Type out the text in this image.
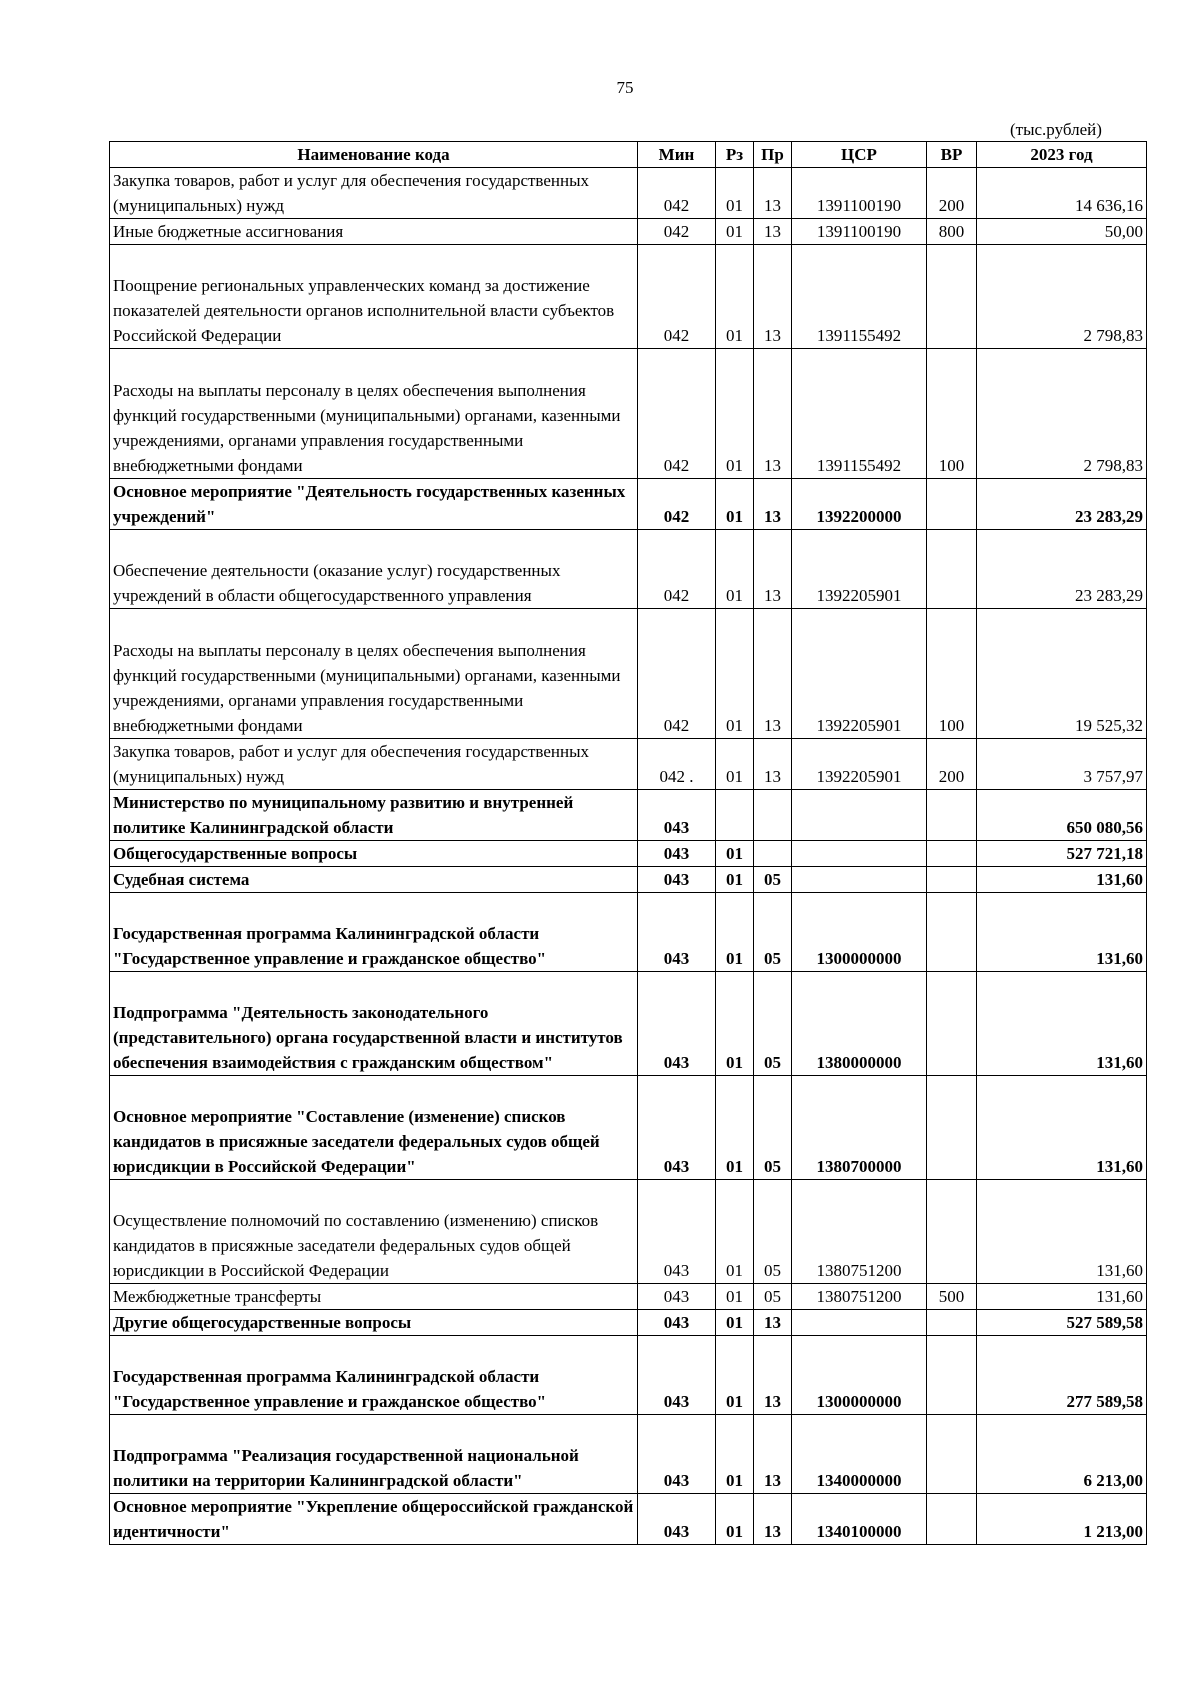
75
(тыс.рублей)
Наименование кода	Мин	Рз	Пр	ЦСР	ВР	2023 год
Закупка товаров, работ и услуг для обеспечения государственных (муниципальных) нужд	042	01	13	1391100190	200	14 636,16
Иные бюджетные ассигнования	042	01	13	1391100190	800	50,00
Поощрение региональных управленческих команд за достижение показателей деятельности органов исполнительной власти субъектов Российской Федерации	042	01	13	1391155492		2 798,83
Расходы на выплаты персоналу в целях обеспечения выполнения функций государственными (муниципальными) органами, казенными учреждениями, органами управления государственными внебюджетными фондами	042	01	13	1391155492	100	2 798,83
Основное мероприятие "Деятельность государственных казенных учреждений"	042	01	13	1392200000		23 283,29
Обеспечение деятельности (оказание услуг) государственных учреждений в области общегосударственного управления	042	01	13	1392205901		23 283,29
Расходы на выплаты персоналу в целях обеспечения выполнения функций государственными (муниципальными) органами, казенными учреждениями, органами управления государственными внебюджетными фондами	042	01	13	1392205901	100	19 525,32
Закупка товаров, работ и услуг для обеспечения государственных (муниципальных) нужд	042 .	01	13	1392205901	200	3 757,97
Министерство по муниципальному развитию и внутренней политике Калининградской области	043					650 080,56
Общегосударственные вопросы	043	01				527 721,18
Судебная система	043	01	05			131,60
Государственная программа Калининградской области "Государственное управление и гражданское общество"	043	01	05	1300000000		131,60
Подпрограмма "Деятельность законодательного (представительного) органа государственной власти и институтов обеспечения взаимодействия с гражданским обществом"	043	01	05	1380000000		131,60
Основное мероприятие "Составление (изменение) списков кандидатов в присяжные заседатели федеральных судов общей юрисдикции в Российской Федерации"	043	01	05	1380700000		131,60
Осуществление полномочий по составлению (изменению) списков кандидатов в присяжные заседатели федеральных судов общей юрисдикции в Российской Федерации	043	01	05	1380751200		131,60
Межбюджетные трансферты	043	01	05	1380751200	500	131,60
Другие общегосударственные вопросы	043	01	13			527 589,58
Государственная программа Калининградской области "Государственное управление и гражданское общество"	043	01	13	1300000000		277 589,58
Подпрограмма "Реализация государственной национальной политики на территории Калининградской области"	043	01	13	1340000000		6 213,00
Основное мероприятие "Укрепление общероссийской гражданской идентичности"	043	01	13	1340100000		1 213,00
